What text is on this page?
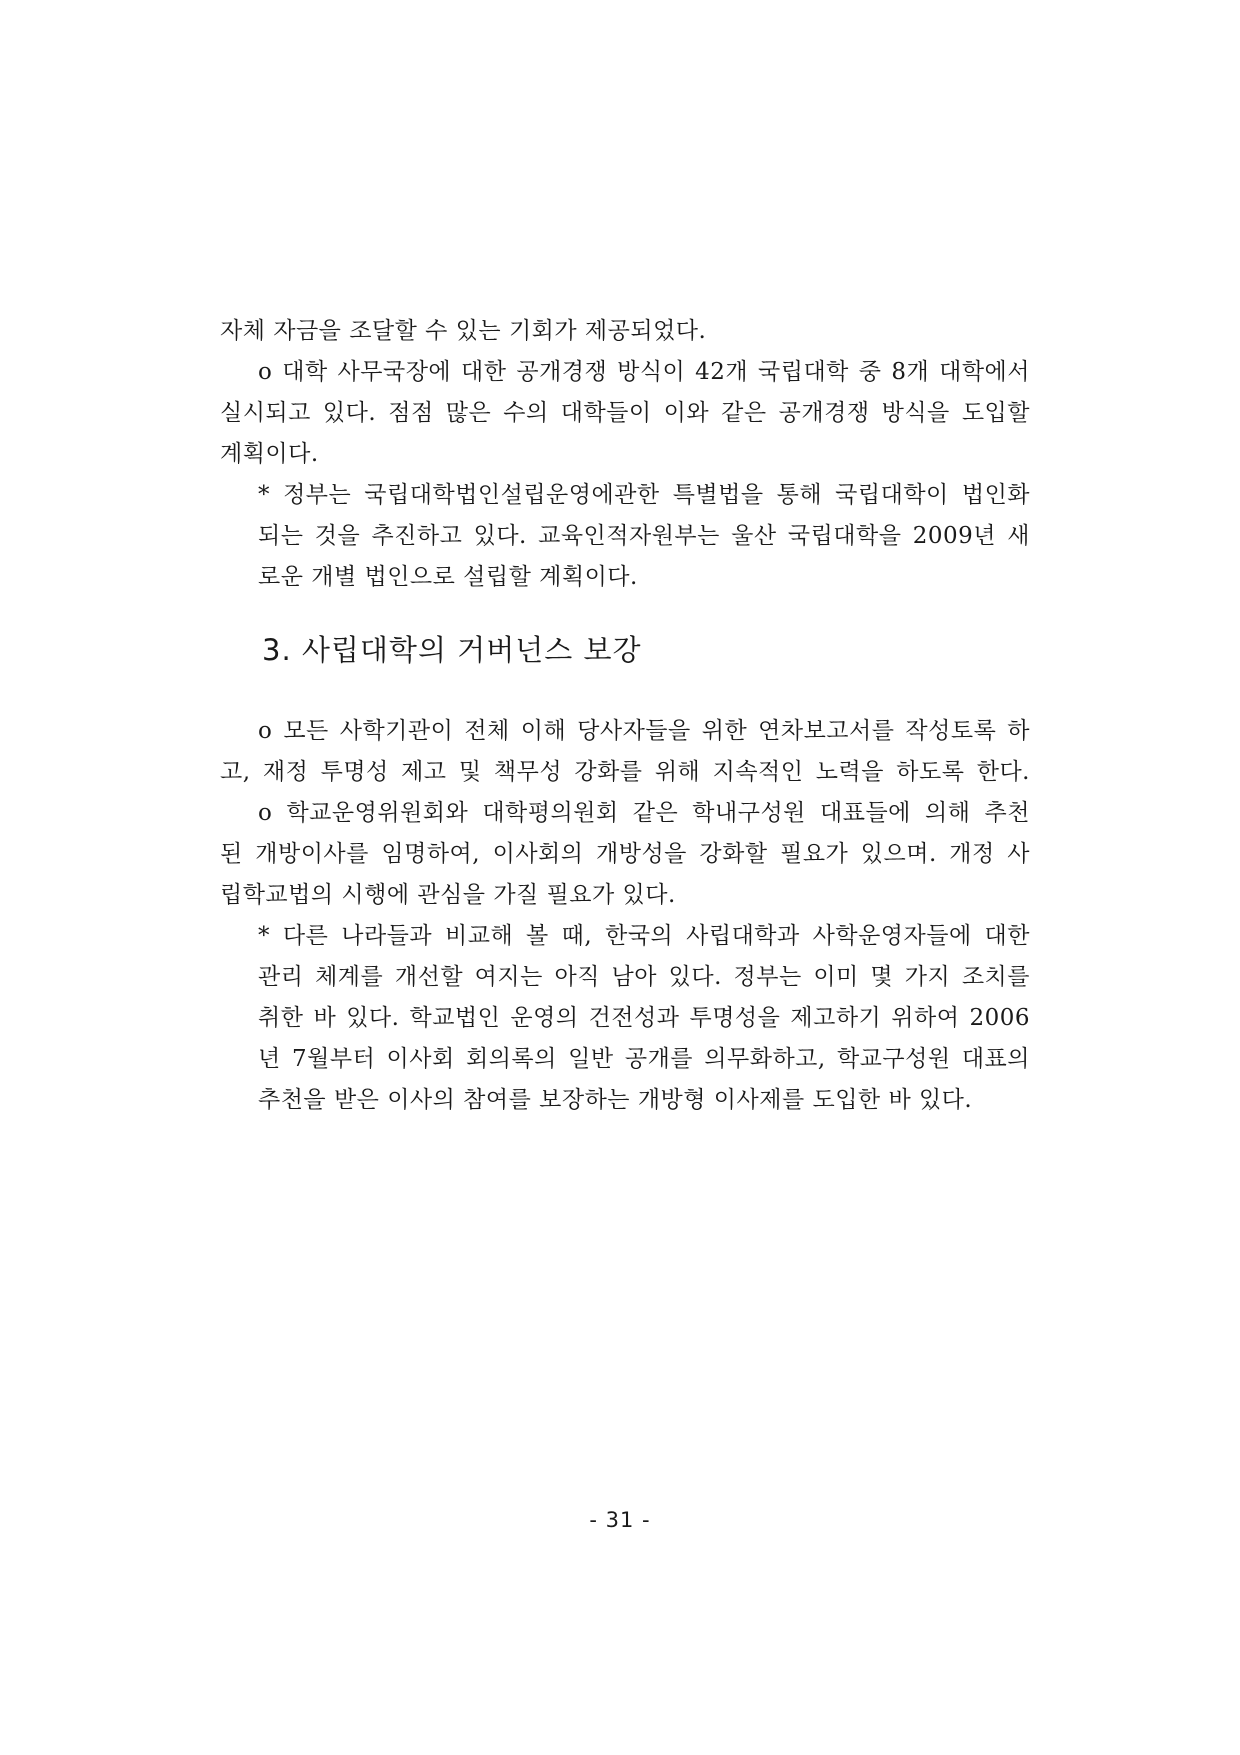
자체 자금을 조달할 수 있는 기회가 제공되었다.
o 대학 사무국장에 대한 공개경쟁 방식이 42개 국립대학 중 8개 대학에서
실시되고 있다. 점점 많은 수의 대학들이 이와 같은 공개경쟁 방식을 도입할
계획이다.
* 정부는 국립대학법인설립운영에관한 특별법을 통해 국립대학이 법인화
되는 것을 추진하고 있다. 교육인적자원부는 울산 국립대학을 2009년 새
로운 개별 법인으로 설립할 계획이다.
3. 사립대학의 거버넌스 보강
o 모든 사학기관이 전체 이해 당사자들을 위한 연차보고서를 작성토록 하
고, 재정 투명성 제고 및 책무성 강화를 위해 지속적인 노력을 하도록 한다.
o 학교운영위원회와 대학평의원회 같은 학내구성원 대표들에 의해 추천
된 개방이사를 임명하여, 이사회의 개방성을 강화할 필요가 있으며. 개정 사
립학교법의 시행에 관심을 가질 필요가 있다.
* 다른 나라들과 비교해 볼 때, 한국의 사립대학과 사학운영자들에 대한
관리 체계를 개선할 여지는 아직 남아 있다. 정부는 이미 몇 가지 조치를
취한 바 있다. 학교법인 운영의 건전성과 투명성을 제고하기 위하여 2006
년 7월부터 이사회 회의록의 일반 공개를 의무화하고, 학교구성원 대표의
추천을 받은 이사의 참여를 보장하는 개방형 이사제를 도입한 바 있다.
- 31 -
